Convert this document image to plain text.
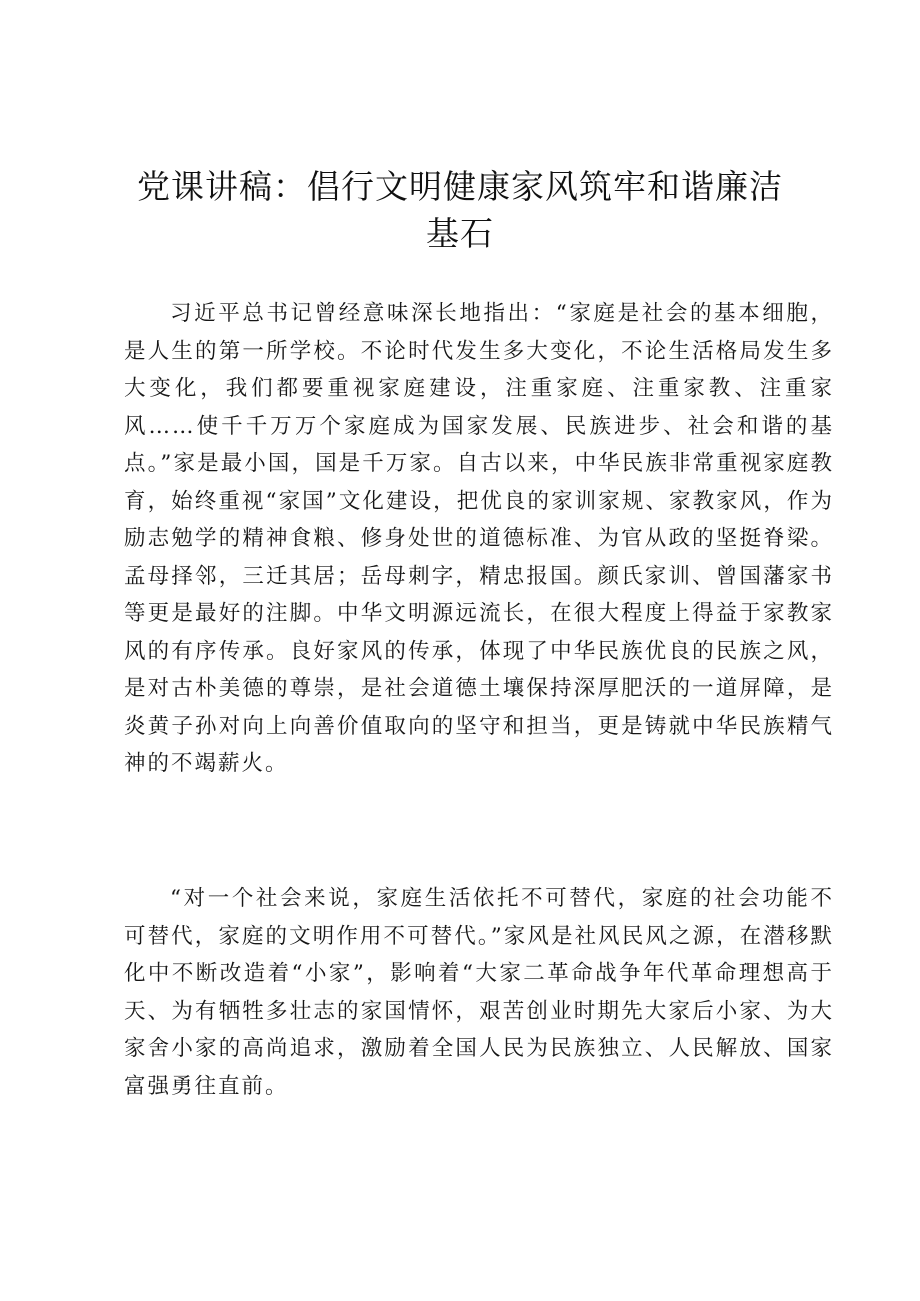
党课讲稿：倡行文明健康家风筑牢和谐廉洁
基石

习近平总书记曾经意味深长地指出：“家庭是社会的基本细胞，是人生的第一所学校。不论时代发生多大变化，不论生活格局发生多大变化，我们都要重视家庭建设，注重家庭、注重家教、注重家风……使千千万万个家庭成为国家发展、民族进步、社会和谐的基点。”家是最小国，国是千万家。自古以来，中华民族非常重视家庭教育，始终重视“家国”文化建设，把优良的家训家规、家教家风，作为励志勉学的精神食粮、修身处世的道德标准、为官从政的坚挺脊梁。孟母择邻，三迁其居；岳母刺字，精忠报国。颜氏家训、曾国藩家书等更是最好的注脚。中华文明源远流长，在很大程度上得益于家教家风的有序传承。良好家风的传承，体现了中华民族优良的民族之风，是对古朴美德的尊崇，是社会道德土壤保持深厚肥沃的一道屏障，是炎黄子孙对向上向善价值取向的坚守和担当，更是铸就中华民族精气神的不竭薪火。

“对一个社会来说，家庭生活依托不可替代，家庭的社会功能不可替代，家庭的文明作用不可替代。”家风是社风民风之源，在潜移默化中不断改造着“小家”，影响着“大家二革命战争年代革命理想高于天、为有牺牲多壮志的家国情怀，艰苦创业时期先大家后小家、为大家舍小家的高尚追求，激励着全国人民为民族独立、人民解放、国家富强勇往直前。
